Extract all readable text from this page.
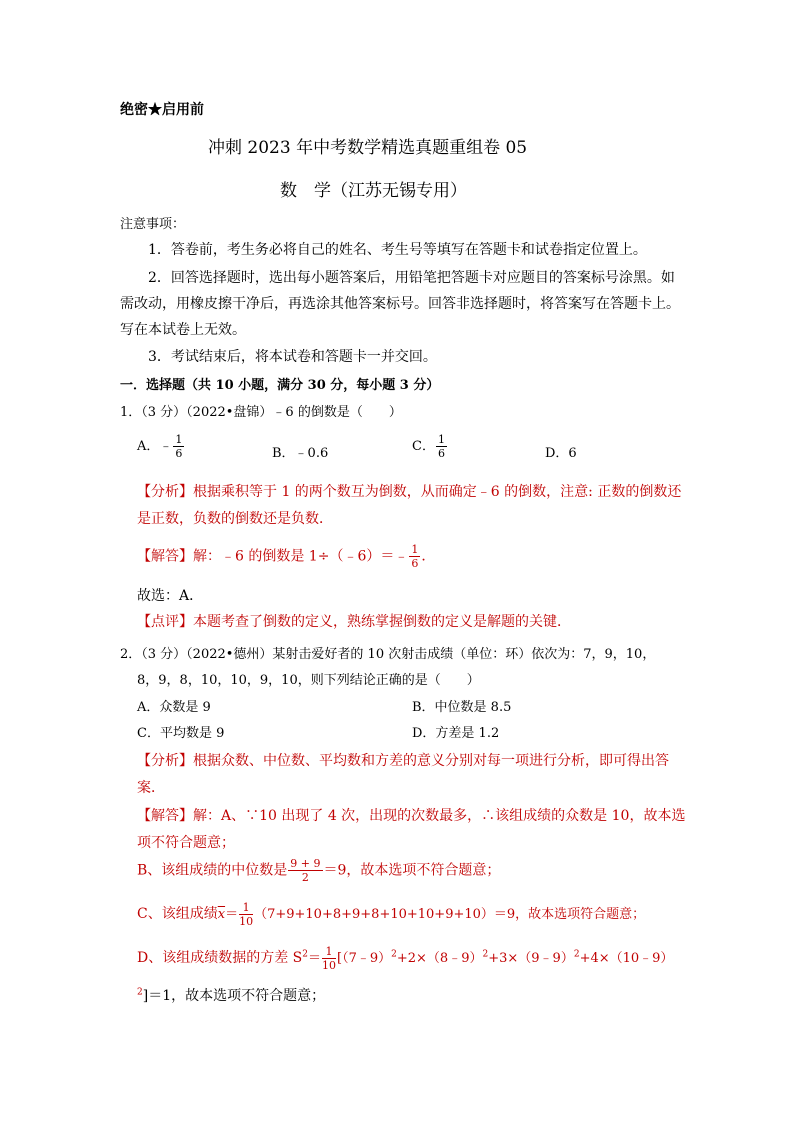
绝密★启用前
冲刺 2023 年中考数学精选真题重组卷 05
数　学（江苏无锡专用）
注意事项：
1．答卷前，考生务必将自己的姓名、考生号等填写在答题卡和试卷指定位置上。
2．回答选择题时，选出每小题答案后，用铅笔把答题卡对应题目的答案标号涂黑。如
需改动，用橡皮擦干净后，再选涂其他答案标号。回答非选择题时，将答案写在答题卡上。
写在本试卷上无效。
3．考试结束后，将本试卷和答题卡一并交回。
一．选择题（共 10 小题，满分 30 分，每小题 3 分）
1．（3 分）（2022•盘锦）﹣6 的倒数是（　　）
A．﹣ $\frac{1}{6}$	B．﹣0.6	C． $\frac{1}{6}$	D．6
【分析】根据乘积等于 1 的两个数互为倒数，从而确定﹣6 的倒数，注意: 正数的倒数还
是正数，负数的倒数还是负数．
【解答】解：﹣6 的倒数是 1÷（﹣6）＝﹣ $\frac{1}{6}$ ．
故选：A．
【点评】本题考查了倒数的定义，熟练掌握倒数的定义是解题的关键．
2．（3 分）（2022•德州）某射击爱好者的 10 次射击成绩（单位：环）依次为：7，9，10，
8，9，8，10，10，9，10，则下列结论正确的是（　　）
A．众数是 9	B．中位数是 8.5
C．平均数是 9	D．方差是 1.2
【分析】根据众数、中位数、平均数和方差的意义分别对每一项进行分析，即可得出答
案．
【解答】解：A、∵10 出现了 4 次，出现的次数最多，∴该组成绩的众数是 10，故本选
项不符合题意；
B、该组成绩的中位数是 $\frac{9 + 9}{2} =9$，故本选项不符合题意；
C、该组成绩$\overline{x}= \frac{1}{10} (7+9+10+8+9+8+10+10+9+10)=9$，故本选项符合题意；
D、该组成绩数据的方差 $S^2= \frac{1}{10}$ [（7﹣9）$^2$+2×（8﹣9）$^2$+3×（9﹣9）$^2$+4×（10﹣9）
$^2$]＝1，故本选项不符合题意；
